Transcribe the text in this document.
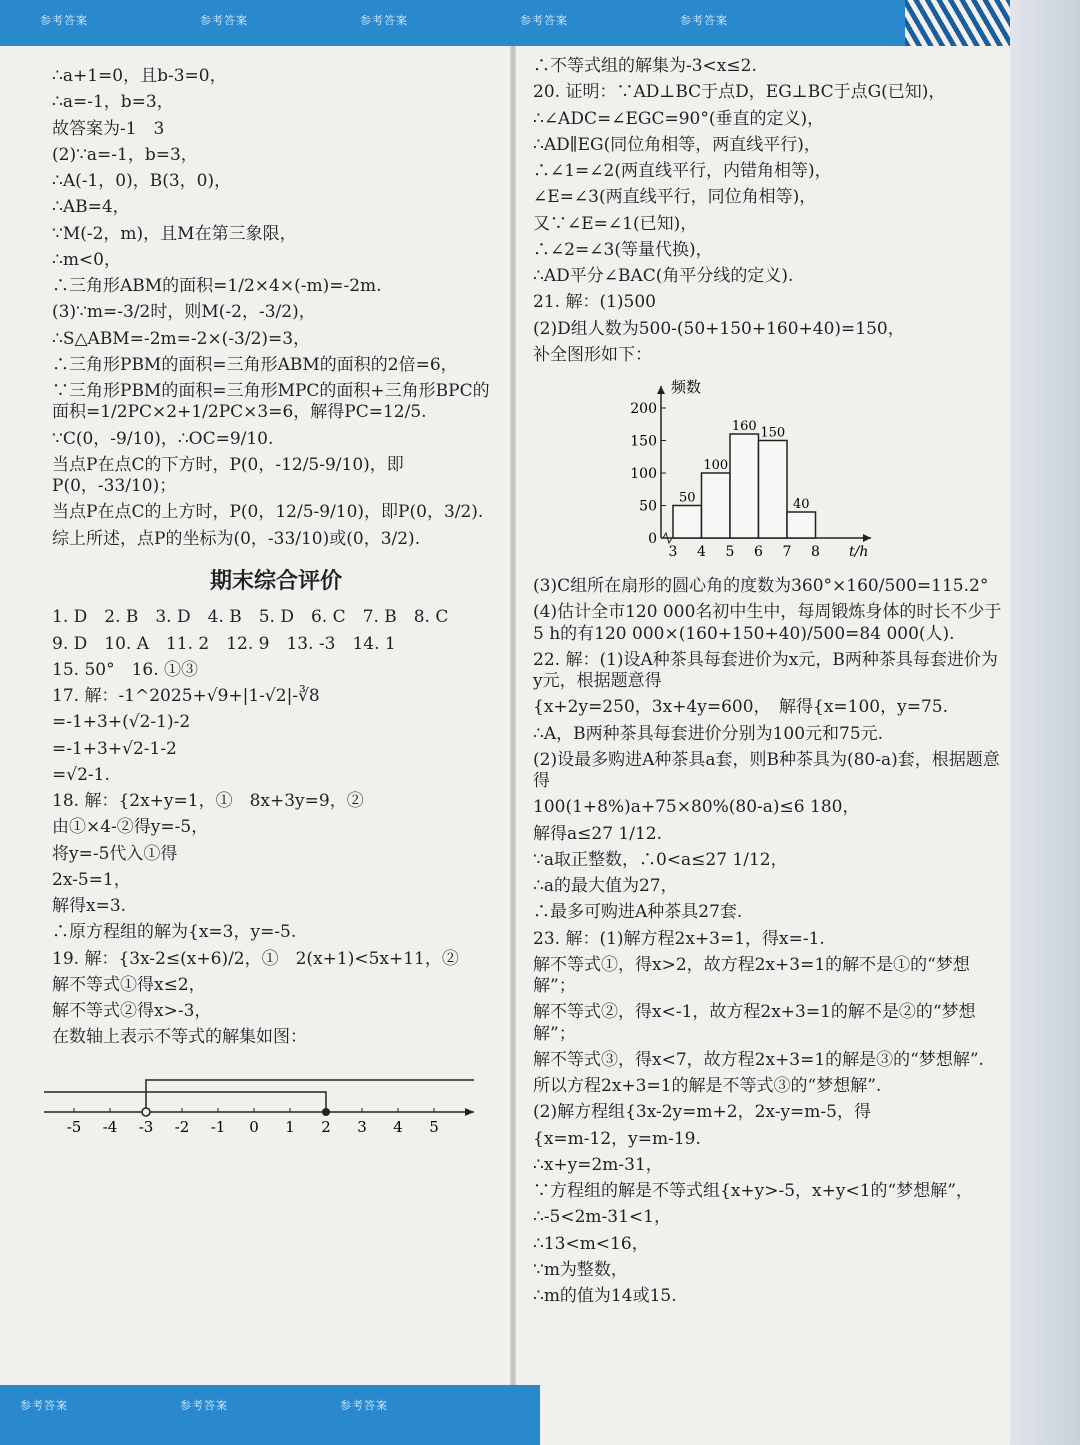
参考答案	参考答案	参考答案	参考答案	参考答案

∴a+1=0，且b-3=0，

∴a=-1，b=3，

故答案为-1　3

(2)∵a=-1，b=3，

∴A(-1，0)，B(3，0)，

∴AB=4，

∵M(-2，m)，且M在第三象限，

∴m<0，

∴三角形ABM的面积=1/2×4×(-m)=-2m.

(3)∵m=-3/2时，则M(-2，-3/2)，

∴S△ABM=-2m=-2×(-3/2)=3，

∴三角形PBM的面积=三角形ABM的面积的2倍=6，

∵三角形PBM的面积=三角形MPC的面积+三角形BPC的面积=1/2PC×2+1/2PC×3=6，解得PC=12/5.

∵C(0，-9/10)，∴OC=9/10.

当点P在点C的下方时，P(0，-12/5-9/10)，即P(0，-33/10)；

当点P在点C的上方时，P(0，12/5-9/10)，即P(0，3/2).

综上所述，点P的坐标为(0，-33/10)或(0，3/2).

期末综合评价

1. D　2. B　3. D　4. B　5. D　6. C　7. B　8. C

9. D　10. A　11. 2　12. 9　13. -3　14. 1

15. 50°　16. ①③

17. 解：-1^2025+√9+|1-√2|-∛8

=-1+3+(√2-1)-2

=-1+3+√2-1-2

=√2-1.

18. 解：{2x+y=1，①　8x+3y=9，②

由①×4-②得y=-5，

将y=-5代入①得

2x-5=1，

解得x=3.

∴原方程组的解为{x=3，y=-5.

19. 解：{3x-2≤(x+6)/2，①　2(x+1)<5x+11，②

解不等式①得x≤2，

解不等式②得x>-3，

在数轴上表示不等式的解集如图：

-5 -4 -3 -2 -1 0 1 2 3 4 5

∴不等式组的解集为-3<x≤2.

20. 证明：∵AD⊥BC于点D，EG⊥BC于点G(已知)，

∴∠ADC=∠EGC=90°(垂直的定义)，

∴AD∥EG(同位角相等，两直线平行)，

∴∠1=∠2(两直线平行，内错角相等)，

∠E=∠3(两直线平行，同位角相等)，

又∵∠E=∠1(已知)，

∴∠2=∠3(等量代换)，

∴AD平分∠BAC(角平分线的定义).

21. 解：(1)500

(2)D组人数为500-(50+150+160+40)=150，

补全图形如下：

频数
t/h
0
50
100
150
200
3 4 5 6 7 8
50
100
160 150
40

(3)C组所在扇形的圆心角的度数为360°×160/500=115.2°

(4)估计全市120 000名初中生中，每周锻炼身体的时长不少于5 h的有120 000×(160+150+40)/500=84 000(人).

22. 解：(1)设A种茶具每套进价为x元，B两种茶具每套进价为y元，根据题意得

{x+2y=250，3x+4y=600，　解得{x=100，y=75.

∴A，B两种茶具每套进价分别为100元和75元.

(2)设最多购进A种茶具a套，则B种茶具为(80-a)套，根据题意得

100(1+8%)a+75×80%(80-a)≤6 180，

解得a≤27 1/12.

∵a取正整数，∴0<a≤27 1/12，

∴a的最大值为27，

∴最多可购进A种茶具27套.

23. 解：(1)解方程2x+3=1，得x=-1.

解不等式①，得x>2，故方程2x+3=1的解不是①的“梦想解”；

解不等式②，得x<-1，故方程2x+3=1的解不是②的“梦想解”；

解不等式③，得x<7，故方程2x+3=1的解是③的“梦想解”.

所以方程2x+3=1的解是不等式③的“梦想解”.

(2)解方程组{3x-2y=m+2，2x-y=m-5，得

{x=m-12，y=m-19.

∴x+y=2m-31，

∵方程组的解是不等式组{x+y>-5，x+y<1的“梦想解”，

∴-5<2m-31<1，

∴13<m<16，

∵m为整数，

∴m的值为14或15.

参考答案	参考答案	参考答案
